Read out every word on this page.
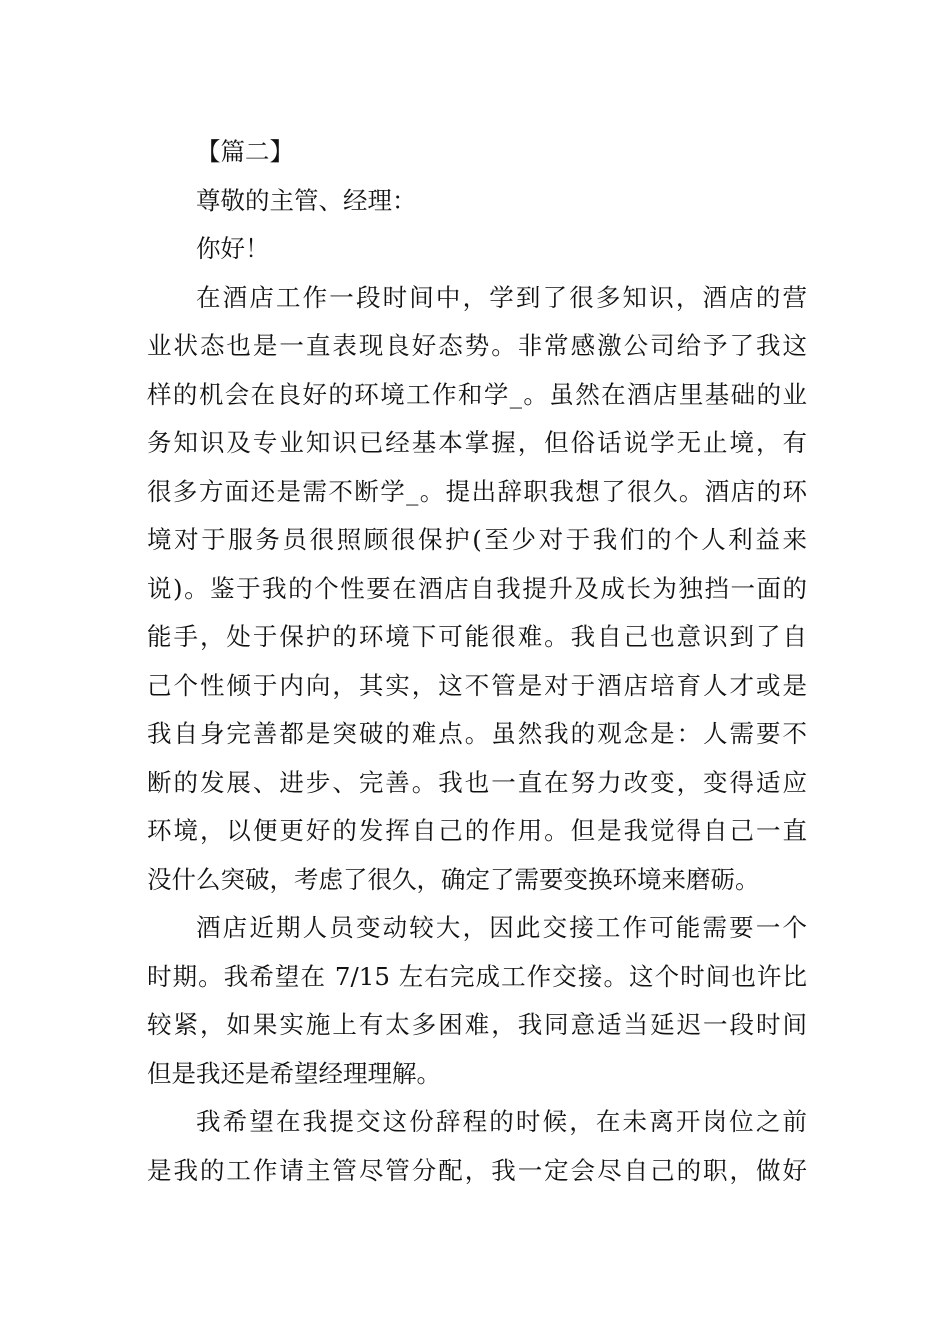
【篇二】
尊敬的主管、经理：
你好！
在酒店工作一段时间中，学到了很多知识，酒店的营
业状态也是一直表现良好态势。非常感激公司给予了我这
样的机会在良好的环境工作和学_。虽然在酒店里基础的业
务知识及专业知识已经基本掌握，但俗话说学无止境，有
很多方面还是需不断学_。提出辞职我想了很久。酒店的环
境对于服务员很照顾很保护(至少对于我们的个人利益来
说)。鉴于我的个性要在酒店自我提升及成长为独挡一面的
能手，处于保护的环境下可能很难。我自己也意识到了自
己个性倾于内向，其实，这不管是对于酒店培育人才或是
我自身完善都是突破的难点。虽然我的观念是：人需要不
断的发展、进步、完善。我也一直在努力改变，变得适应
环境，以便更好的发挥自己的作用。但是我觉得自己一直
没什么突破，考虑了很久，确定了需要变换环境来磨砺。
酒店近期人员变动较大，因此交接工作可能需要一个
时期。我希望在 7/15 左右完成工作交接。这个时间也许比
较紧，如果实施上有太多困难，我同意适当延迟一段时间
但是我还是希望经理理解。
我希望在我提交这份辞程的时候，在未离开岗位之前
是我的工作请主管尽管分配，我一定会尽自己的职，做好
